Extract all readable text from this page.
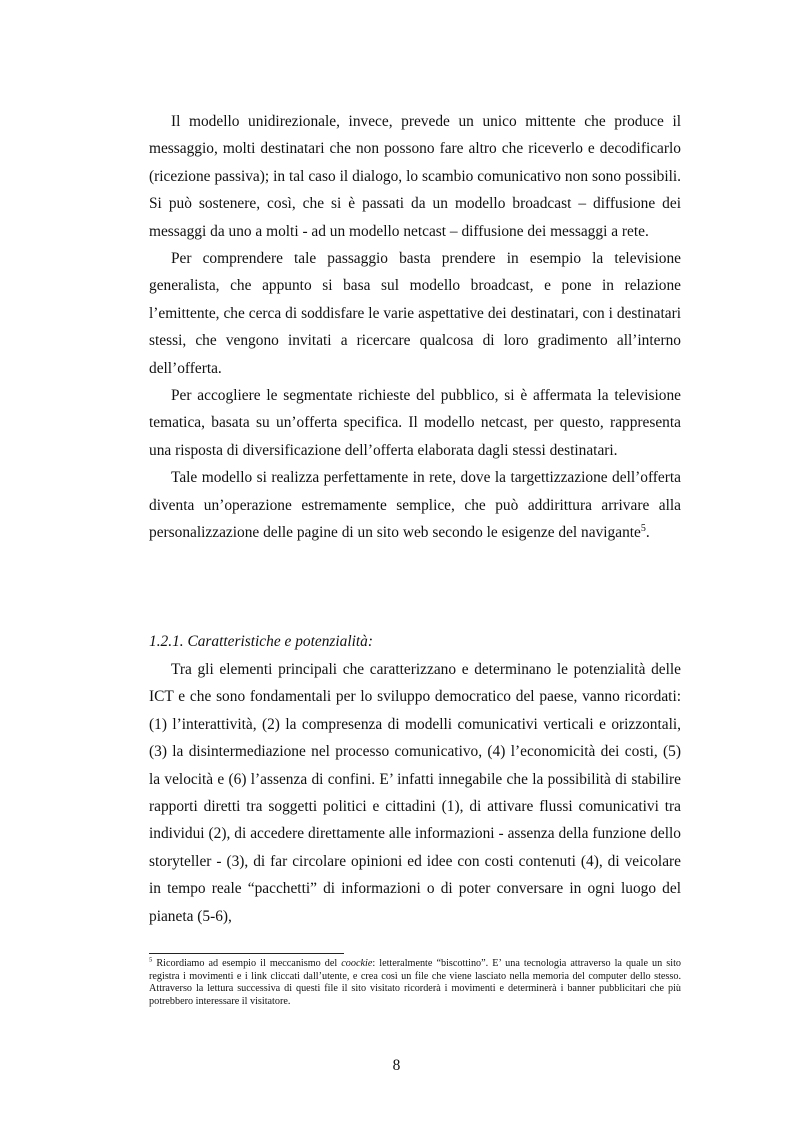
Il modello unidirezionale, invece, prevede un unico mittente che produce il messaggio, molti destinatari che non possono fare altro che riceverlo e decodificarlo (ricezione passiva); in tal caso il dialogo, lo scambio comunicativo non sono possibili. Si può sostenere, così, che si è passati da un modello broadcast – diffusione dei messaggi da uno a molti - ad un modello netcast – diffusione dei messaggi a rete.

Per comprendere tale passaggio basta prendere in esempio la televisione generalista, che appunto si basa sul modello broadcast, e pone in relazione l’emittente, che cerca di soddisfare le varie aspettative dei destinatari, con i destinatari stessi, che vengono invitati a ricercare qualcosa di loro gradimento all’interno dell’offerta.

Per accogliere le segmentate richieste del pubblico, si è affermata la televisione tematica, basata su un’offerta specifica. Il modello netcast, per questo, rappresenta una risposta di diversificazione dell’offerta elaborata dagli stessi destinatari.

Tale modello si realizza perfettamente in rete, dove la targettizzazione dell’offerta diventa un’operazione estremamente semplice, che può addirittura arrivare alla personalizzazione delle pagine di un sito web secondo le esigenze del navigante$^5$.

1.2.1. Caratteristiche e potenzialità:

Tra gli elementi principali che caratterizzano e determinano le potenzialità delle ICT e che sono fondamentali per lo sviluppo democratico del paese, vanno ricordati: (1) l’interattività, (2) la compresenza di modelli comunicativi verticali e orizzontali, (3) la disintermediazione nel processo comunicativo, (4) l’economicità dei costi, (5) la velocità e (6) l’assenza di confini. E’ infatti innegabile che la possibilità di stabilire rapporti diretti tra soggetti politici e cittadini (1), di attivare flussi comunicativi tra individui (2), di accedere direttamente alle informazioni - assenza della funzione dello storyteller - (3), di far circolare opinioni ed idee con costi contenuti (4), di veicolare in tempo reale “pacchetti” di informazioni o di poter conversare in ogni luogo del pianeta (5-6),

$^5$ Ricordiamo ad esempio il meccanismo del coockie: letteralmente “biscottino”. E’ una tecnologia attraverso la quale un sito registra i movimenti e i link cliccati dall’utente, e crea così un file che viene lasciato nella memoria del computer dello stesso. Attraverso la lettura successiva di questi file il sito visitato ricorderà i movimenti e determinerà i banner pubblicitari che più potrebbero interessare il visitatore.

8
